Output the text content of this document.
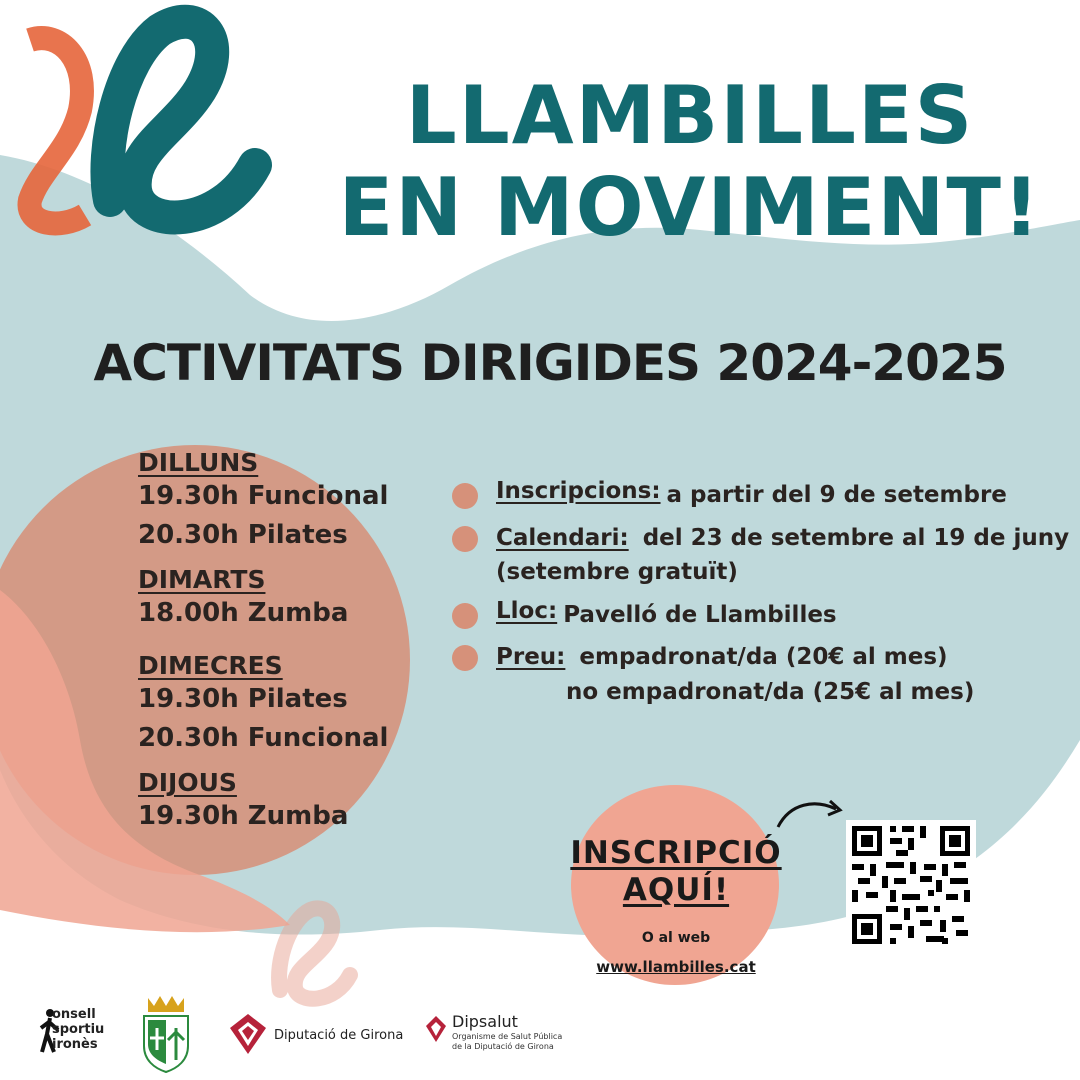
LLAMBILLES
EN MOVIMENT!
ACTIVITATS DIRIGIDES 2024-2025
DILLUNS
19.30h Funcional
20.30h Pilates
DIMARTS
18.00h Zumba
DIMECRES
19.30h Pilates
20.30h Funcional
DIJOUS
19.30h Zumba
Inscripcions: a partir del 9 de setembre
Calendari: del 23 de setembre al 19 de juny
(setembre gratuït)
Lloc: Pavelló de Llambilles
Preu: empadronat/da (20€ al mes)
no empadronat/da (25€ al mes)
INSCRIPCIÓ
AQUÍ!
O al web
www.llambilles.cat
onsell
sportiu
ironès
Diputació de Girona
Dipsalut
Organisme de Salut Pública
de la Diputació de Girona
